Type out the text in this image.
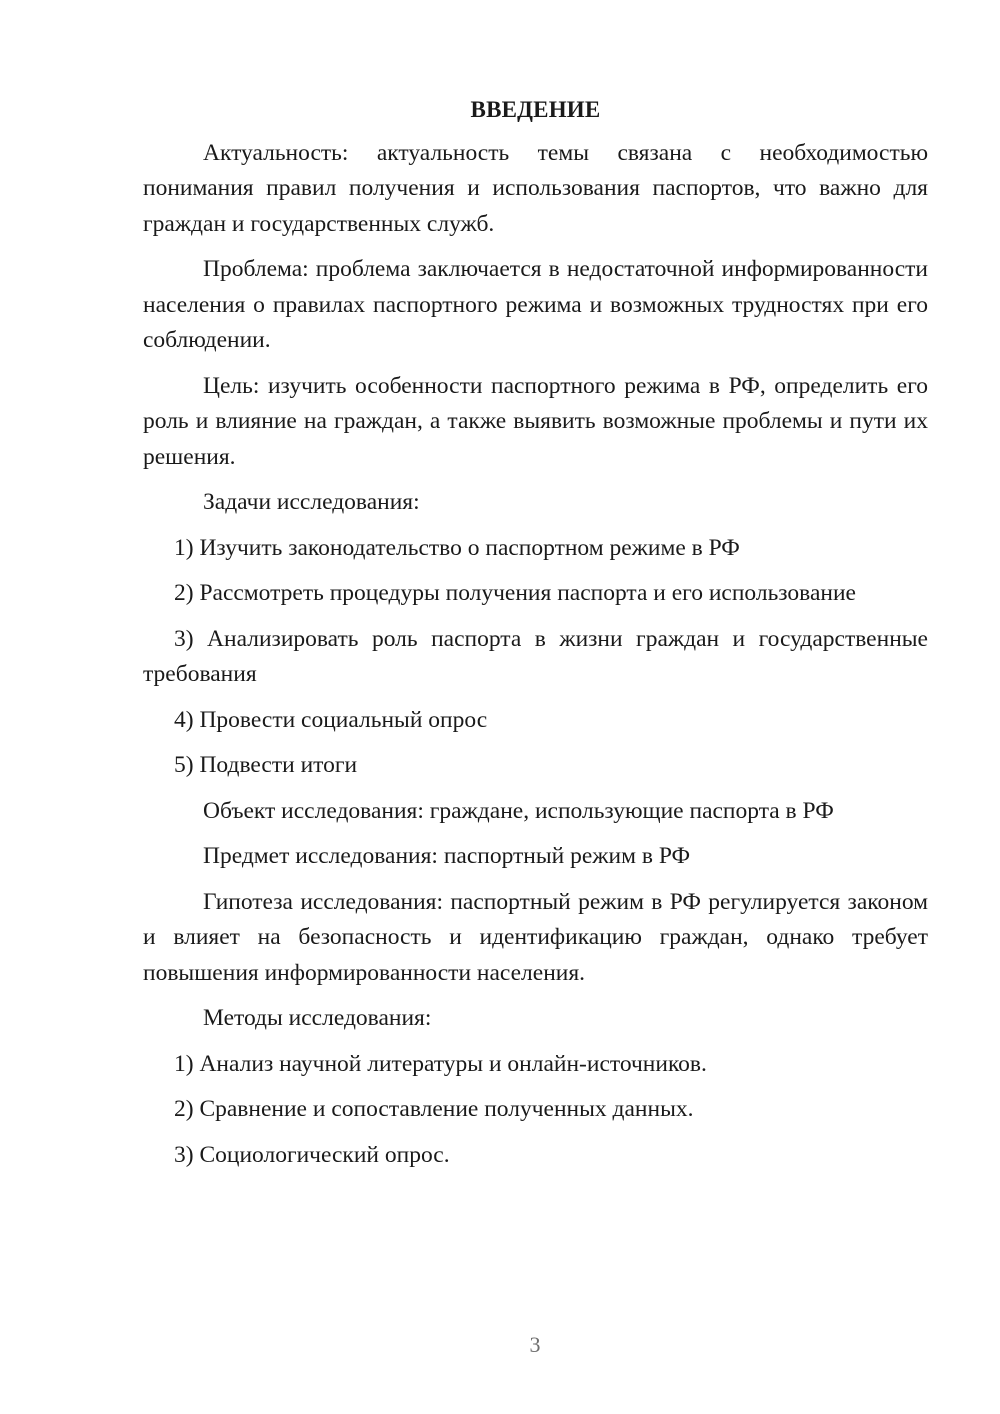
ВВЕДЕНИЕ

Актуальность: актуальность темы связана с необходимостью понимания правил получения и использования паспортов, что важно для граждан и государственных служб.

Проблема: проблема заключается в недостаточной информированности населения о правилах паспортного режима и возможных трудностях при его соблюдении.

Цель: изучить особенности паспортного режима в РФ, определить его роль и влияние на граждан, а также выявить возможные проблемы и пути их решения.

Задачи исследования:

1) Изучить законодательство о паспортном режиме в РФ

2) Рассмотреть процедуры получения паспорта и его использование

3) Анализировать роль паспорта в жизни граждан и государственные требования

4) Провести социальный опрос

5) Подвести итоги

Объект исследования: граждане, использующие паспорта в РФ

Предмет исследования: паспортный режим в РФ

Гипотеза исследования: паспортный режим в РФ регулируется законом и влияет на безопасность и идентификацию граждан, однако требует повышения информированности населения.

Методы исследования:

1) Анализ научной литературы и онлайн-источников.

2) Сравнение и сопоставление полученных данных.

3) Социологический опрос.

3
